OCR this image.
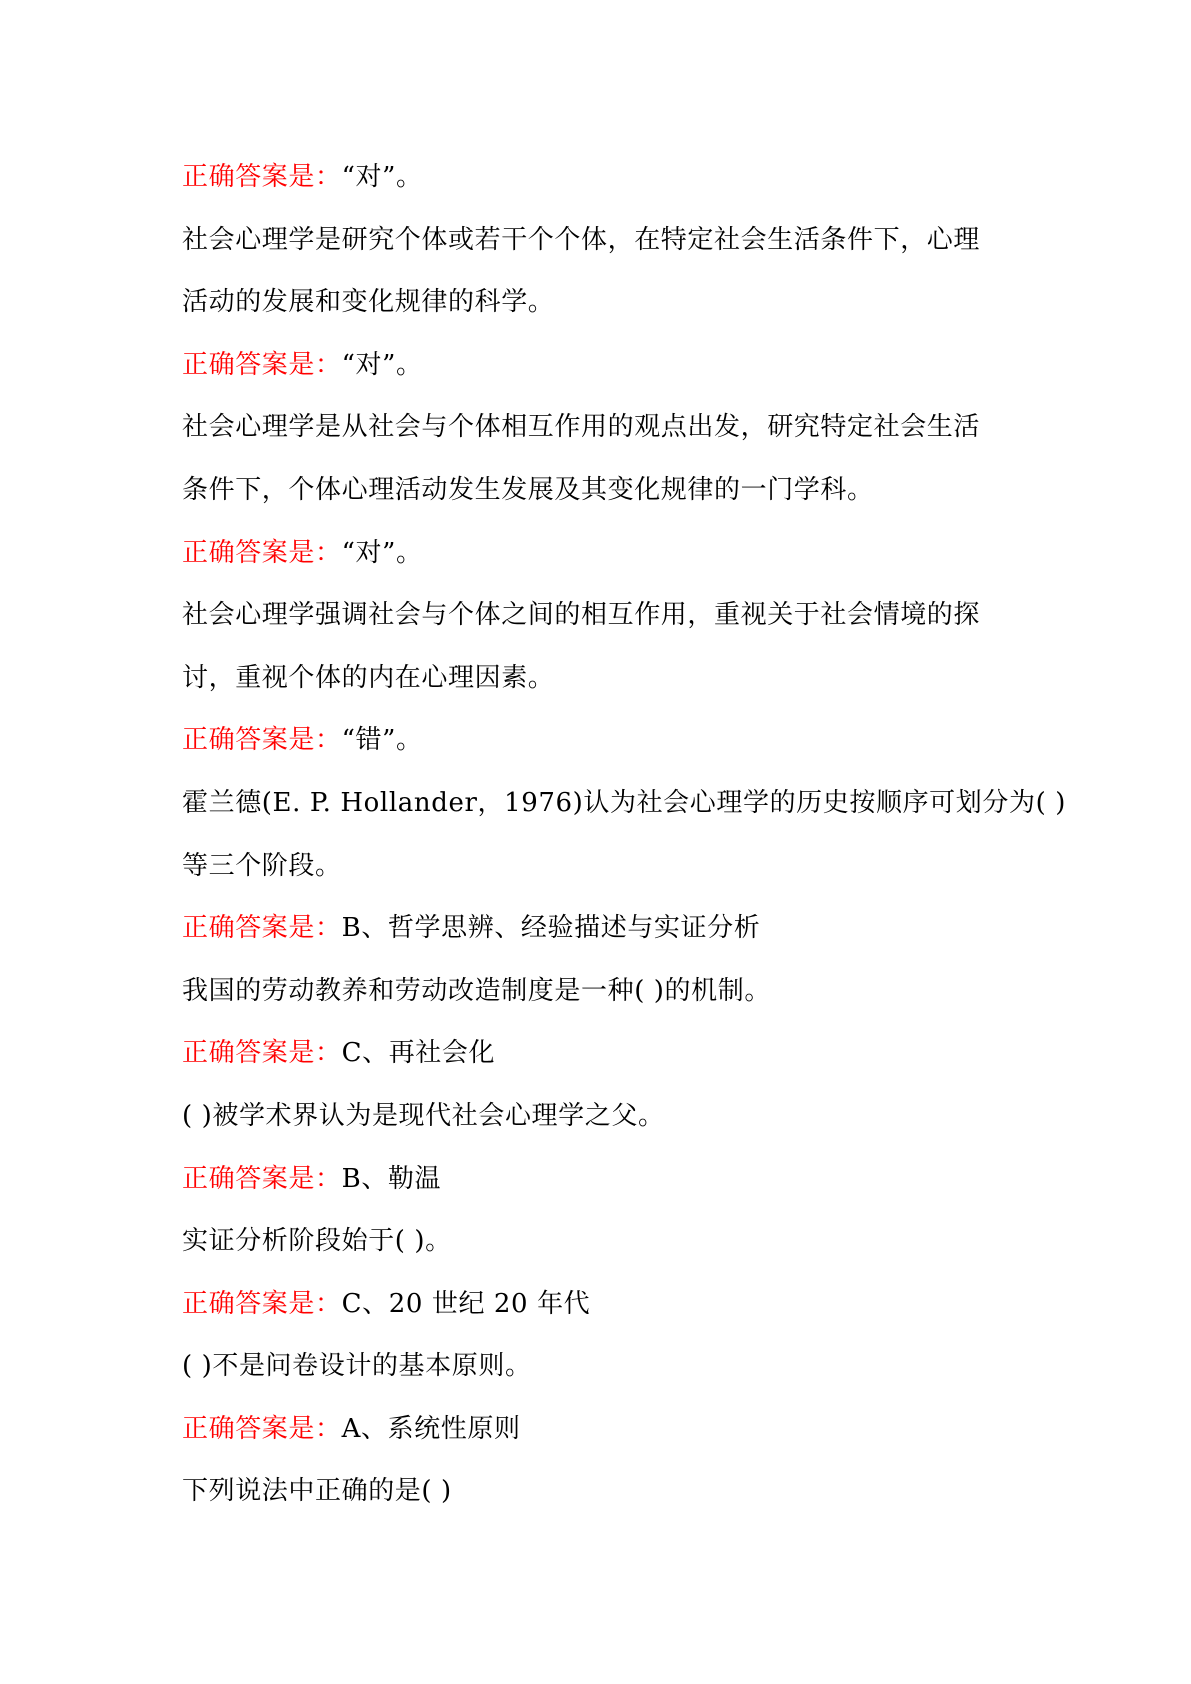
正确答案是：“对”。
社会心理学是研究个体或若干个个体，在特定社会生活条件下，心理
活动的发展和变化规律的科学。
正确答案是：“对”。
社会心理学是从社会与个体相互作用的观点出发，研究特定社会生活
条件下，个体心理活动发生发展及其变化规律的一门学科。
正确答案是：“对”。
社会心理学强调社会与个体之间的相互作用，重视关于社会情境的探
讨，重视个体的内在心理因素。
正确答案是：“错”。
霍兰德(E. P. Hollander，1976)认为社会心理学的历史按顺序可划分为( )
等三个阶段。
正确答案是：B、哲学思辨、经验描述与实证分析
我国的劳动教养和劳动改造制度是一种( )的机制。
正确答案是：C、再社会化
( )被学术界认为是现代社会心理学之父。
正确答案是：B、勒温
实证分析阶段始于( )。
正确答案是：C、20 世纪 20 年代
( )不是问卷设计的基本原则。
正确答案是：A、系统性原则
下列说法中正确的是( )
